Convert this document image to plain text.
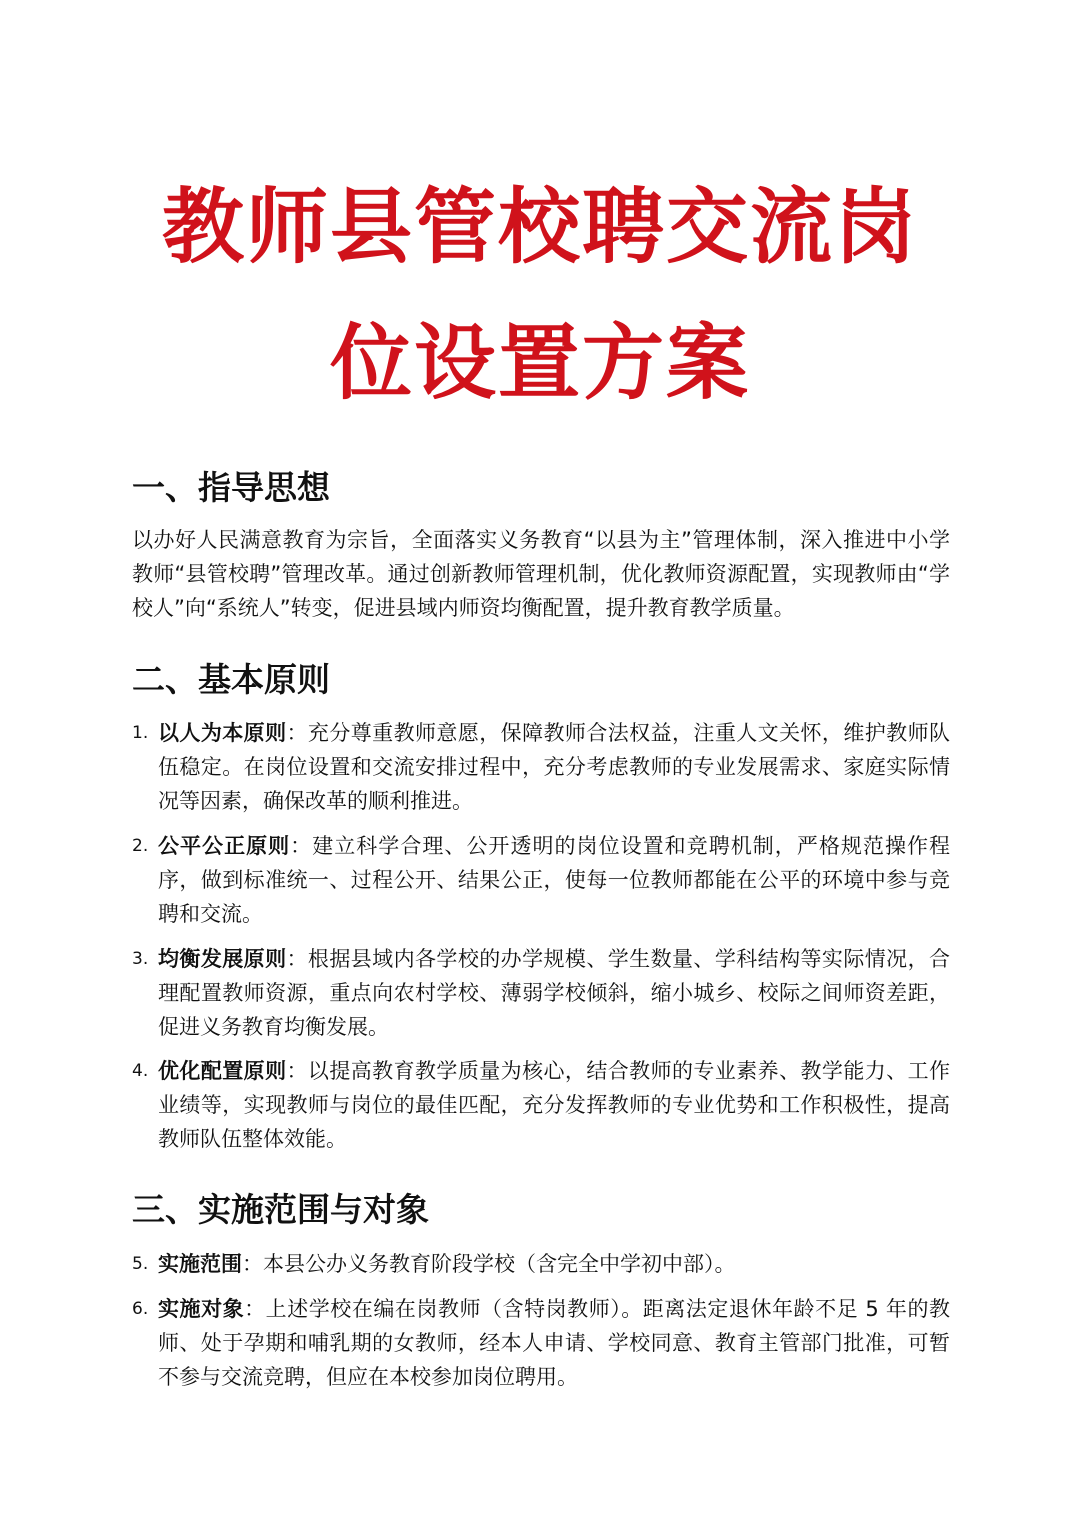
教师县管校聘交流岗
位设置方案
一、指导思想

以办好人民满意教育为宗旨，全面落实义务教育“以县为主”管理体制，深入推进中小学教师“县管校聘”管理改革。通过创新教师管理机制，优化教师资源配置，实现教师由“学校人”向“系统人”转变，促进县域内师资均衡配置，提升教育教学质量。

二、基本原则
1. 以人为本原则：充分尊重教师意愿，保障教师合法权益，注重人文关怀，维护教师队伍稳定。在岗位设置和交流安排过程中，充分考虑教师的专业发展需求、家庭实际情况等因素，确保改革的顺利推进。
2. 公平公正原则：建立科学合理、公开透明的岗位设置和竞聘机制，严格规范操作程序，做到标准统一、过程公开、结果公正，使每一位教师都能在公平的环境中参与竞聘和交流。
3. 均衡发展原则：根据县域内各学校的办学规模、学生数量、学科结构等实际情况，合理配置教师资源，重点向农村学校、薄弱学校倾斜，缩小城乡、校际之间师资差距，促进义务教育均衡发展。
4. 优化配置原则：以提高教育教学质量为核心，结合教师的专业素养、教学能力、工作业绩等，实现教师与岗位的最佳匹配，充分发挥教师的专业优势和工作积极性，提高教师队伍整体效能。
三、实施范围与对象
5. 实施范围：本县公办义务教育阶段学校（含完全中学初中部）。
6. 实施对象：上述学校在编在岗教师（含特岗教师）。距离法定退休年龄不足 5 年的教师、处于孕期和哺乳期的女教师，经本人申请、学校同意、教育主管部门批准，可暂不参与交流竞聘，但应在本校参加岗位聘用。
